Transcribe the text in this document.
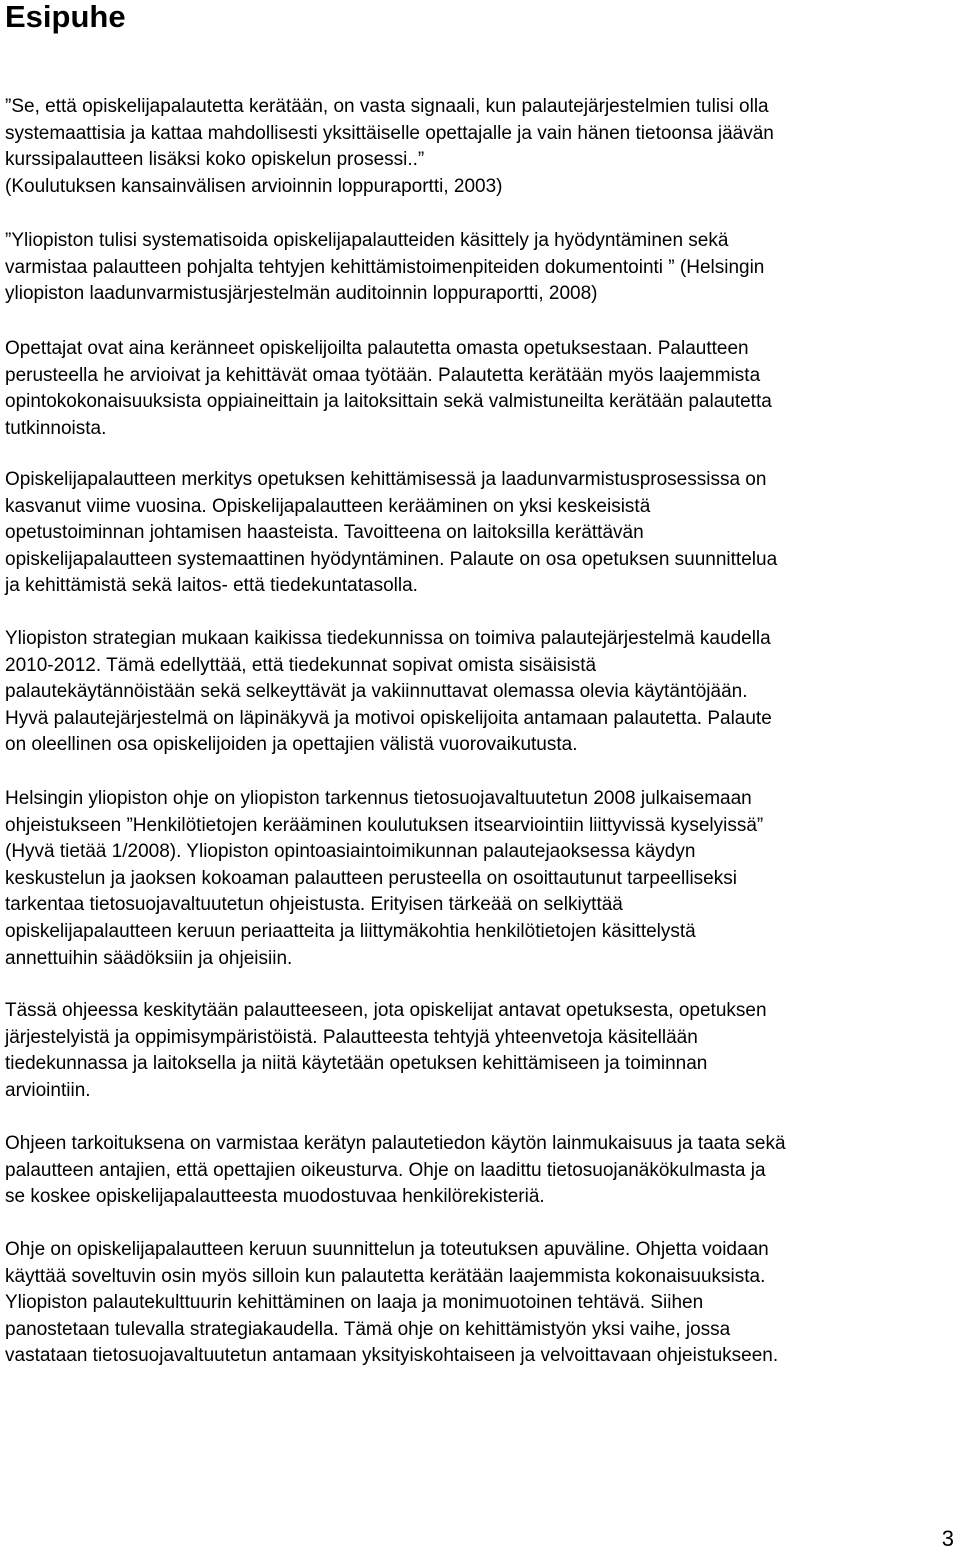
Esipuhe
”Se, että opiskelijapalautetta kerätään, on vasta signaali, kun palautejärjestelmien tulisi olla
systemaattisia ja kattaa mahdollisesti yksittäiselle opettajalle ja vain hänen tietoonsa jäävän
kurssipalautteen lisäksi koko opiskelun prosessi..”
(Koulutuksen kansainvälisen arvioinnin loppuraportti, 2003)
”Yliopiston tulisi systematisoida opiskelijapalautteiden käsittely ja hyödyntäminen sekä
varmistaa palautteen pohjalta tehtyjen kehittämistoimenpiteiden dokumentointi ” (Helsingin
yliopiston laadunvarmistusjärjestelmän auditoinnin loppuraportti, 2008)
Opettajat ovat aina keränneet opiskelijoilta palautetta omasta opetuksestaan. Palautteen
perusteella he arvioivat ja kehittävät omaa työtään. Palautetta kerätään myös laajemmista
opintokokonaisuuksista oppiaineittain ja laitoksittain sekä valmistuneilta kerätään palautetta
tutkinnoista.
Opiskelijapalautteen merkitys opetuksen kehittämisessä ja laadunvarmistusprosessissa on
kasvanut viime vuosina. Opiskelijapalautteen kerääminen on yksi keskeisistä
opetustoiminnan johtamisen haasteista. Tavoitteena on laitoksilla kerättävän
opiskelijapalautteen systemaattinen hyödyntäminen. Palaute on osa opetuksen suunnittelua
ja kehittämistä sekä laitos- että tiedekuntatasolla.
Yliopiston strategian mukaan kaikissa tiedekunnissa on toimiva palautejärjestelmä kaudella
2010-2012. Tämä edellyttää, että tiedekunnat sopivat omista sisäisistä
palautekäytännöistään sekä selkeyttävät ja vakiinnuttavat olemassa olevia käytäntöjään.
Hyvä palautejärjestelmä on läpinäkyvä ja motivoi opiskelijoita antamaan palautetta. Palaute
on oleellinen osa opiskelijoiden ja opettajien välistä vuorovaikutusta.
Helsingin yliopiston ohje on yliopiston tarkennus tietosuojavaltuutetun 2008 julkaisemaan
ohjeistukseen ”Henkilötietojen kerääminen koulutuksen itsearviointiin liittyvissä kyselyissä”
(Hyvä tietää 1/2008). Yliopiston opintoasiaintoimikunnan palautejaoksessa käydyn
keskustelun ja jaoksen kokoaman palautteen perusteella on osoittautunut tarpeelliseksi
tarkentaa tietosuojavaltuutetun ohjeistusta. Erityisen tärkeää on selkiyttää
opiskelijapalautteen keruun periaatteita ja liittymäkohtia henkilötietojen käsittelystä
annettuihin säädöksiin ja ohjeisiin.
Tässä ohjeessa keskitytään palautteeseen, jota opiskelijat antavat opetuksesta, opetuksen
järjestelyistä ja oppimisympäristöistä. Palautteesta tehtyjä yhteenvetoja käsitellään
tiedekunnassa ja laitoksella ja niitä käytetään opetuksen kehittämiseen ja toiminnan
arviointiin.
Ohjeen tarkoituksena on varmistaa kerätyn palautetiedon käytön lainmukaisuus ja taata sekä
palautteen antajien, että opettajien oikeusturva. Ohje on laadittu tietosuojanäkökulmasta ja
se koskee opiskelijapalautteesta muodostuvaa henkilörekisteriä.
Ohje on opiskelijapalautteen keruun suunnittelun ja toteutuksen apuväline. Ohjetta voidaan
käyttää soveltuvin osin myös silloin kun palautetta kerätään laajemmista kokonaisuuksista.
Yliopiston palautekulttuurin kehittäminen on laaja ja monimuotoinen tehtävä. Siihen
panostetaan tulevalla strategiakaudella. Tämä ohje on kehittämistyön yksi vaihe, jossa
vastataan tietosuojavaltuutetun antamaan yksityiskohtaiseen ja velvoittavaan ohjeistukseen.
3
